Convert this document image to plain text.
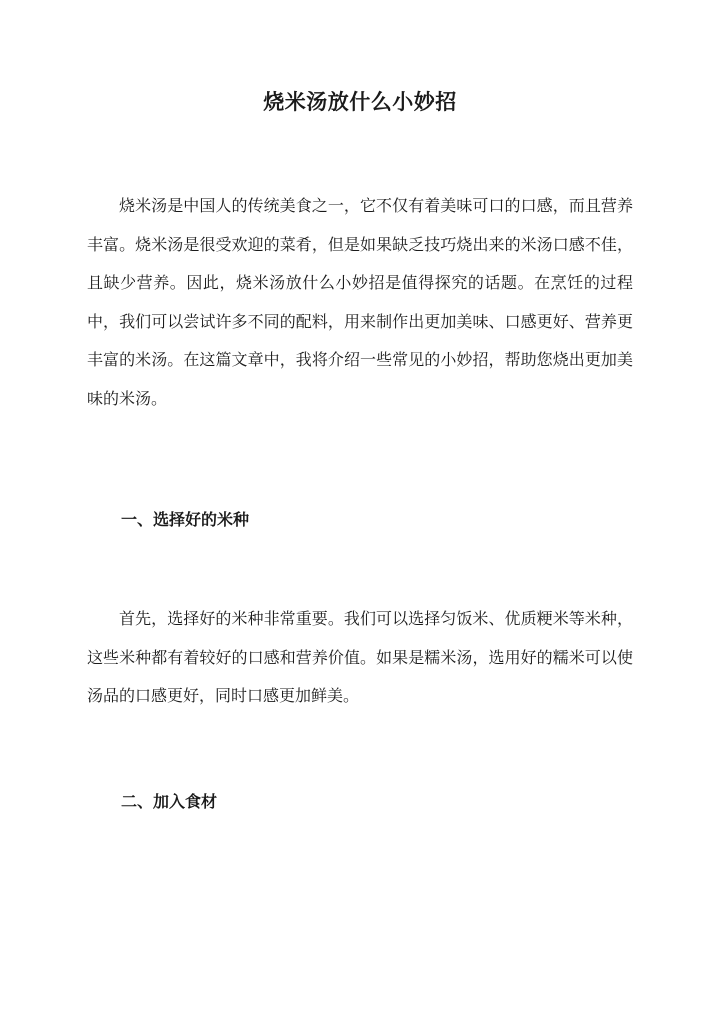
烧米汤放什么小妙招

烧米汤是中国人的传统美食之一，它不仅有着美味可口的口感，而且营养丰富。烧米汤是很受欢迎的菜肴，但是如果缺乏技巧烧出来的米汤口感不佳，且缺少营养。因此，烧米汤放什么小妙招是值得探究的话题。在烹饪的过程中，我们可以尝试许多不同的配料，用来制作出更加美味、口感更好、营养更丰富的米汤。在这篇文章中，我将介绍一些常见的小妙招，帮助您烧出更加美味的米汤。

一、选择好的米种

首先，选择好的米种非常重要。我们可以选择匀饭米、优质粳米等米种，这些米种都有着较好的口感和营养价值。如果是糯米汤，选用好的糯米可以使汤品的口感更好，同时口感更加鲜美。

二、加入食材
